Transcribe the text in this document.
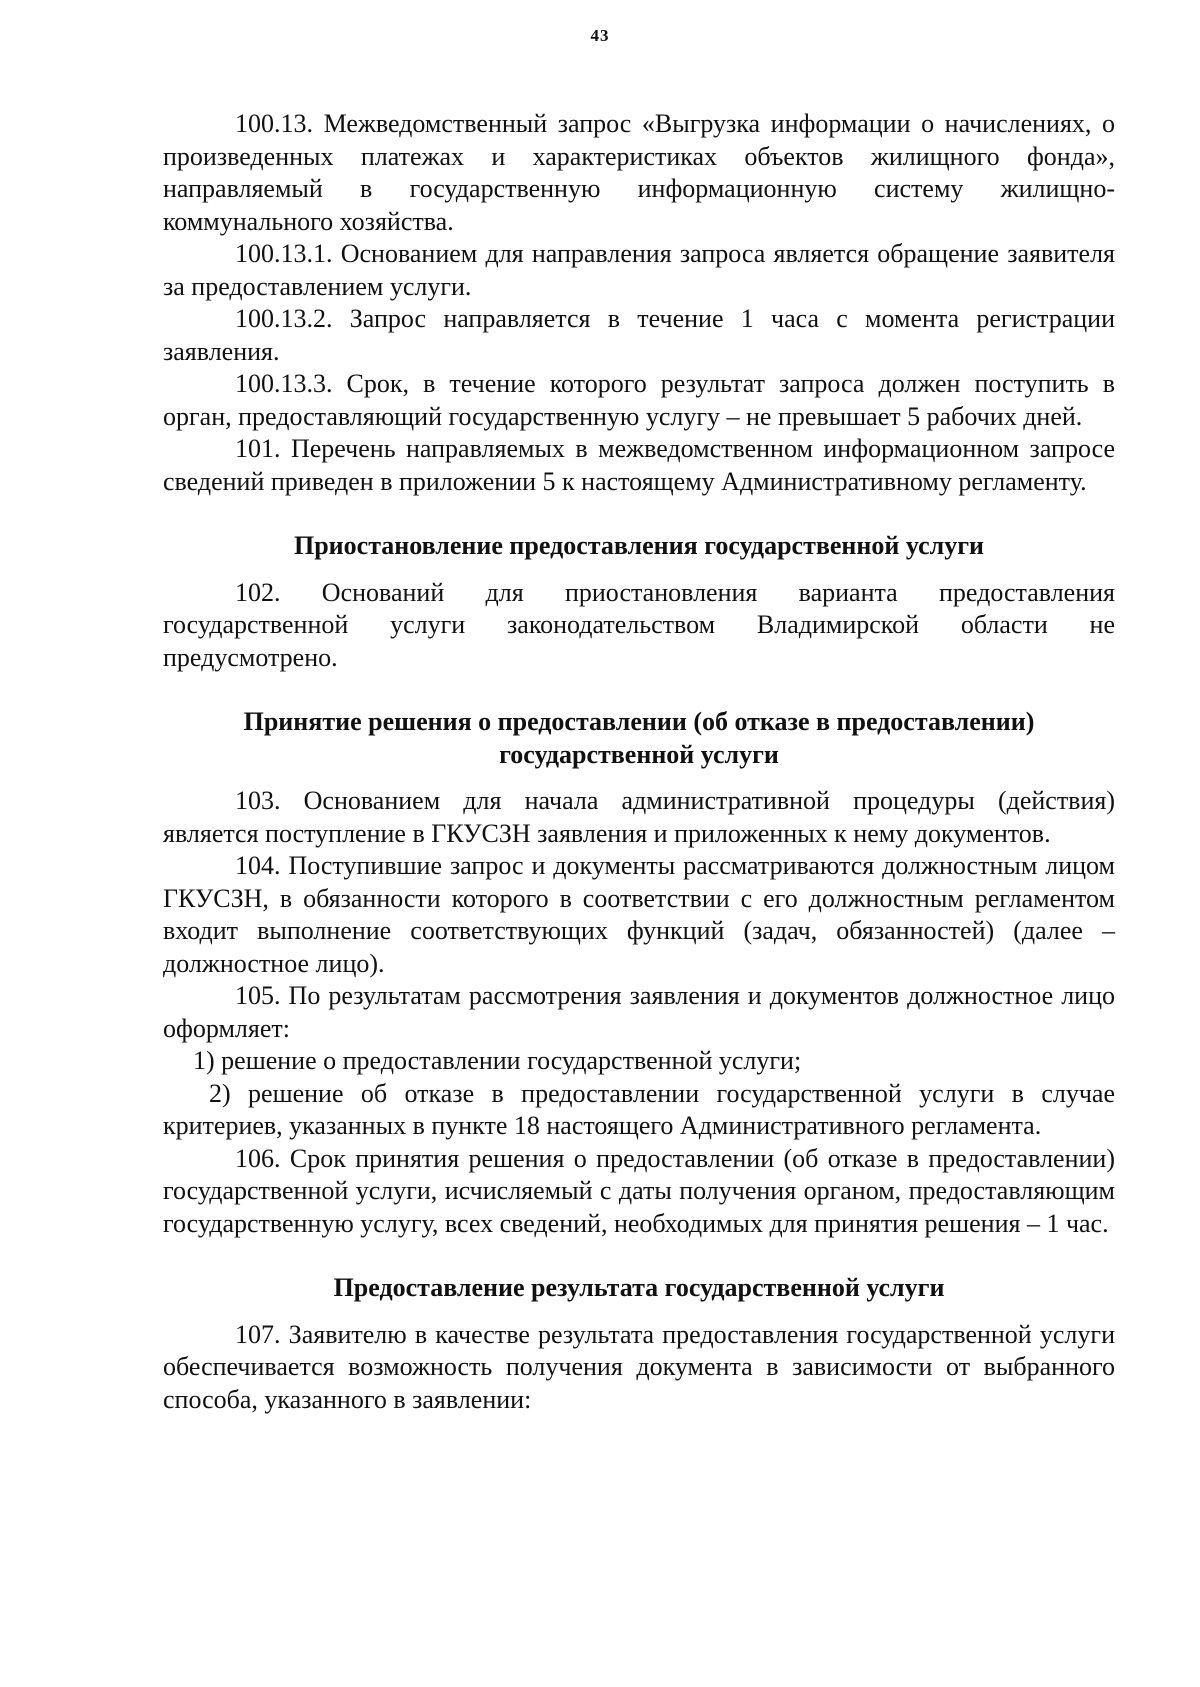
43

100.13. Межведомственный запрос «Выгрузка информации о начислениях, о произведенных платежах и характеристиках объектов жилищного фонда», направляемый в государственную информационную систему жилищно-коммунального хозяйства.

100.13.1. Основанием для направления запроса является обращение заявителя за предоставлением услуги.

100.13.2. Запрос направляется в течение 1 часа с момента регистрации заявления.

100.13.3. Срок, в течение которого результат запроса должен поступить в орган, предоставляющий государственную услугу – не превышает 5 рабочих дней.

101. Перечень направляемых в межведомственном информационном запросе сведений приведен в приложении 5 к настоящему Административному регламенту.

Приостановление предоставления государственной услуги

102. Оснований для приостановления варианта предоставления государственной услуги законодательством Владимирской области не предусмотрено.

Принятие решения о предоставлении (об отказе в предоставлении) государственной услуги

103. Основанием для начала административной процедуры (действия) является поступление в ГКУСЗН заявления и приложенных к нему документов.

104. Поступившие запрос и документы рассматриваются должностным лицом ГКУСЗН, в обязанности которого в соответствии с его должностным регламентом входит выполнение соответствующих функций (задач, обязанностей) (далее – должностное лицо).

105. По результатам рассмотрения заявления и документов должностное лицо оформляет:

1) решение о предоставлении государственной услуги;

2) решение об отказе в предоставлении государственной услуги в случае критериев, указанных в пункте 18 настоящего Административного регламента.

106. Срок принятия решения о предоставлении (об отказе в предоставлении) государственной услуги, исчисляемый с даты получения органом, предоставляющим государственную услугу, всех сведений, необходимых для принятия решения – 1 час.

Предоставление результата государственной услуги

107. Заявителю в качестве результата предоставления государственной услуги обеспечивается возможность получения документа в зависимости от выбранного способа, указанного в заявлении:
